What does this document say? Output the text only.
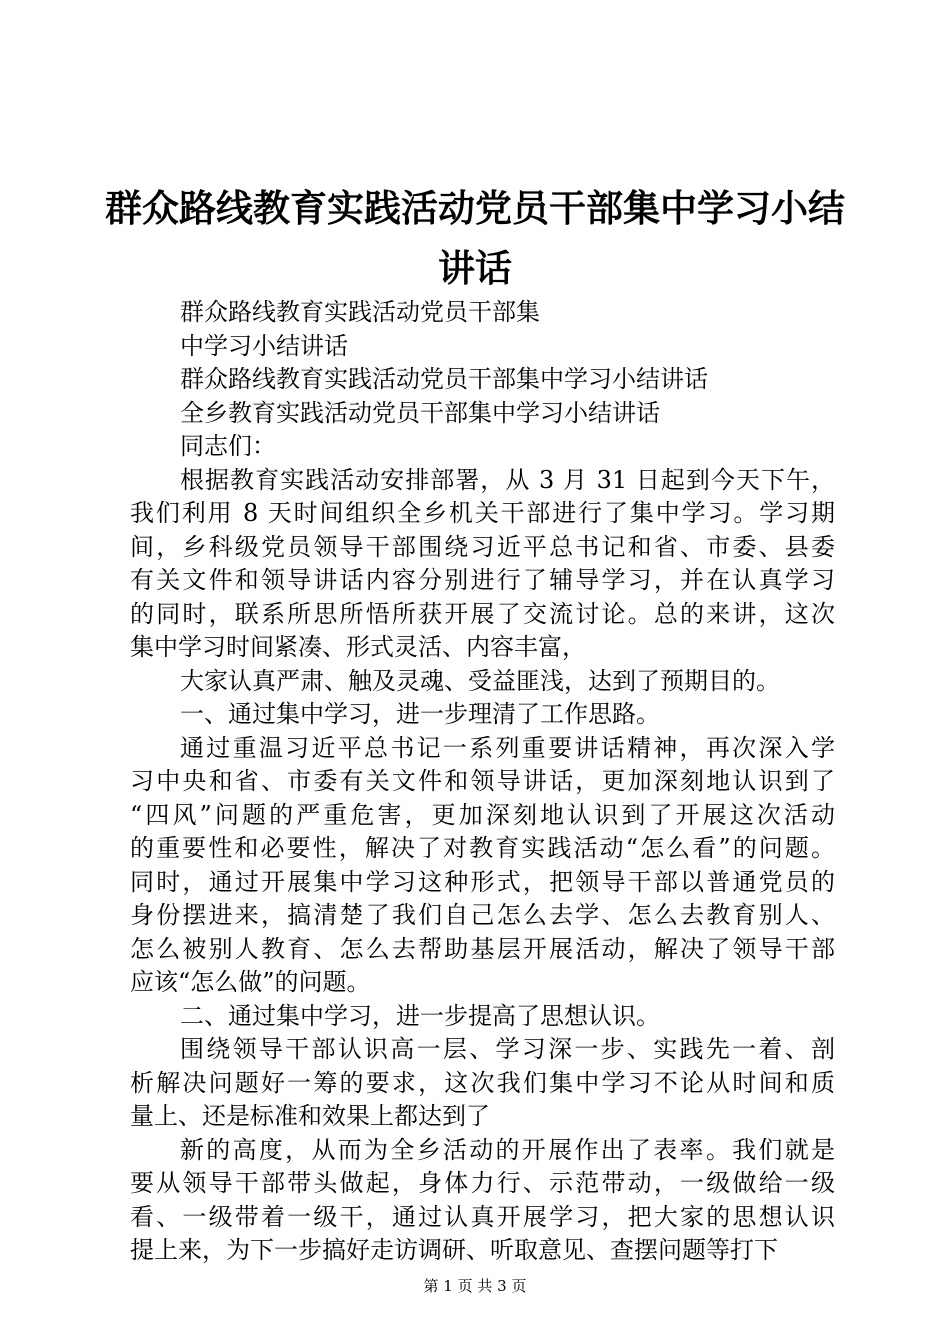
群众路线教育实践活动党员干部集中学习小结
讲话
群众路线教育实践活动党员干部集
中学习小结讲话
群众路线教育实践活动党员干部集中学习小结讲话
全乡教育实践活动党员干部集中学习小结讲话
同志们：
根据教育实践活动安排部署，从 3 月 31 日起到今天下午，
我们利用 8 天时间组织全乡机关干部进行了集中学习。学习期
间，乡科级党员领导干部围绕习近平总书记和省、市委、县委
有关文件和领导讲话内容分别进行了辅导学习，并在认真学习
的同时，联系所思所悟所获开展了交流讨论。总的来讲，这次
集中学习时间紧凑、形式灵活、内容丰富，
大家认真严肃、触及灵魂、受益匪浅，达到了预期目的。
一、通过集中学习，进一步理清了工作思路。
通过重温习近平总书记一系列重要讲话精神，再次深入学
习中央和省、市委有关文件和领导讲话，更加深刻地认识到了
“四风”问题的严重危害，更加深刻地认识到了开展这次活动
的重要性和必要性，解决了对教育实践活动“怎么看”的问题。
同时，通过开展集中学习这种形式，把领导干部以普通党员的
身份摆进来，搞清楚了我们自己怎么去学、怎么去教育别人、
怎么被别人教育、怎么去帮助基层开展活动，解决了领导干部
应该“怎么做”的问题。
二、通过集中学习，进一步提高了思想认识。
围绕领导干部认识高一层、学习深一步、实践先一着、剖
析解决问题好一筹的要求，这次我们集中学习不论从时间和质
量上、还是标准和效果上都达到了
新的高度，从而为全乡活动的开展作出了表率。我们就是
要从领导干部带头做起，身体力行、示范带动，一级做给一级
看、一级带着一级干，通过认真开展学习，把大家的思想认识
提上来，为下一步搞好走访调研、听取意见、查摆问题等打下
第 1 页 共 3 页
